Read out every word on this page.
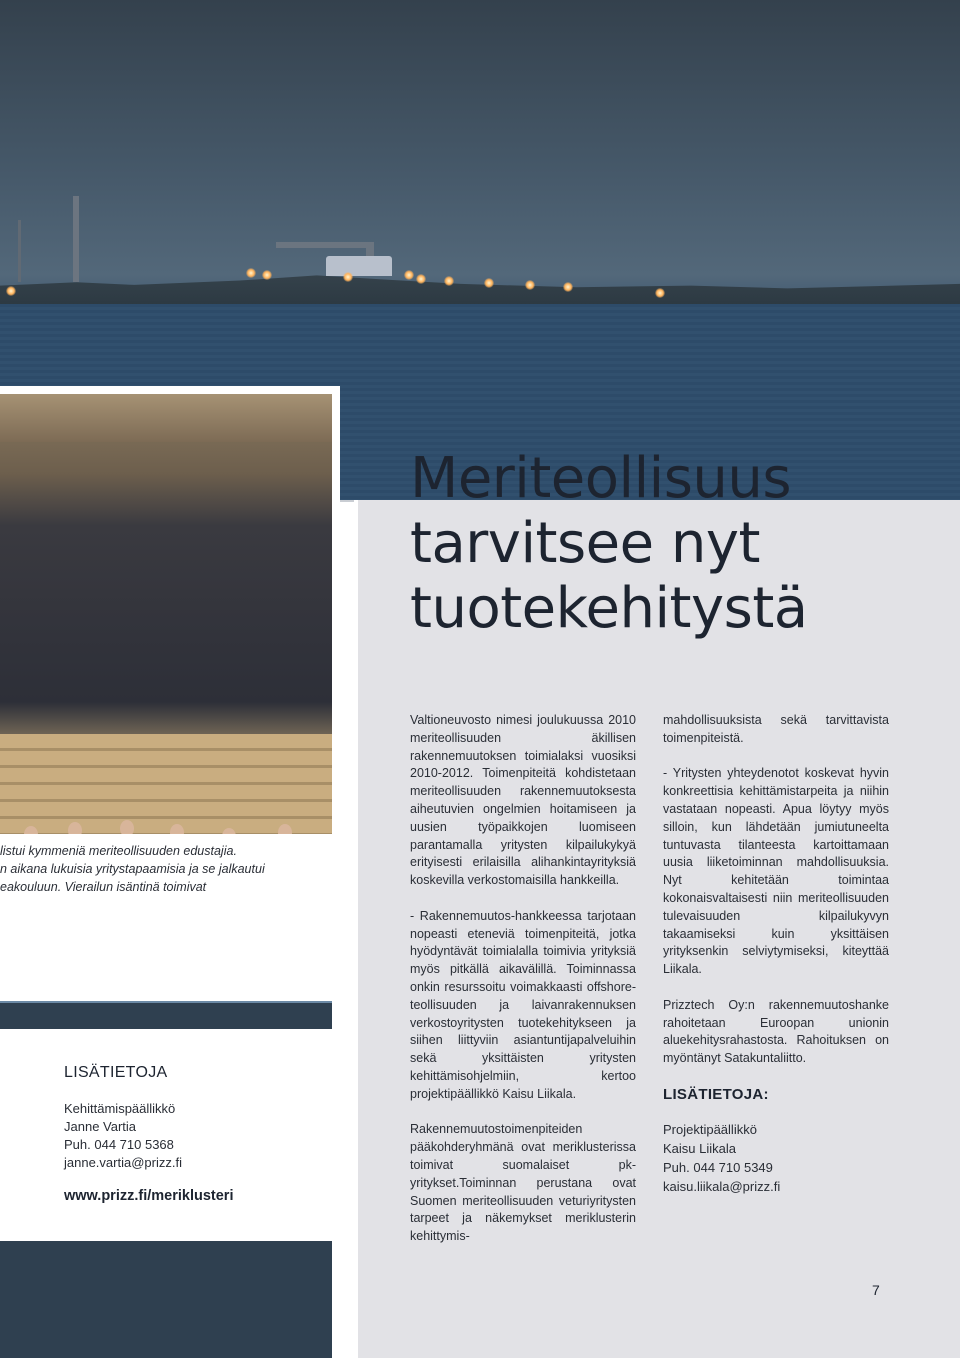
Meriteollisuus
tarvitsee nyt
tuotekehitystä
listui kymmeniä meriteollisuuden edustajia.
n aikana lukuisia yritystapaamisia ja se jalkautui
eakouluun. Vierailun isäntinä toimivat
LISÄTIETOJA
Kehittämispäällikkö
Janne Vartia
Puh. 044 710 5368
janne.vartia@prizz.fi
www.prizz.fi/meriklusteri

Valtioneuvosto nimesi joulukuussa 2010 meriteollisuuden äkillisen rakennemuutoksen toimialaksi vuosiksi 2010-2012. Toimenpiteitä kohdistetaan meriteollisuuden rakennemuutoksesta aiheutuvien ongelmien hoitamiseen ja uusien työpaikkojen luomiseen parantamalla yritysten kilpailukykyä erityisesti erilaisilla alihankintayrityksiä koskevilla verkostomaisilla hankkeilla.

- Rakennemuutos-hankkeessa tarjotaan nopeasti eteneviä toimenpiteitä, jotka hyödyntävät toimialalla toimivia yrityksiä myös pitkällä aikavälillä. Toiminnassa onkin resurssoitu voimakkaasti offshore-teollisuuden ja laivanrakennuksen verkostoyritysten tuotekehitykseen ja siihen liittyviin asiantuntijapalveluihin sekä yksittäisten yritysten kehittämisohjelmiin, kertoo projektipäällikkö Kaisu Liikala.

Rakennemuutostoimenpiteiden pääkohderyhmänä ovat meriklusterissa toimivat suomalaiset pk-yritykset.Toiminnan perustana ovat Suomen meriteollisuuden veturiyritysten tarpeet ja näkemykset meriklusterin kehittymis-

mahdollisuuksista sekä tarvittavista toimenpiteistä.

- Yritysten yhteydenotot koskevat hyvin konkreettisia kehittämistarpeita ja niihin vastataan nopeasti. Apua löytyy myös silloin, kun lähdetään jumiutuneelta tuntuvasta tilanteesta kartoittamaan uusia liiketoiminnan mahdollisuuksia. Nyt kehitetään toimintaa kokonaisvaltaisesti niin meriteollisuuden tulevaisuuden kilpailukyvyn takaamiseksi kuin yksittäisen yrityksenkin selviytymiseksi, kiteyttää Liikala.

Prizztech Oy:n rakennemuutoshanke rahoitetaan Euroopan unionin aluekehitysrahastosta. Rahoituksen on myöntänyt Satakuntaliitto.

LISÄTIETOJA:
Projektipäällikkö
Kaisu Liikala
Puh. 044 710 5349
kaisu.liikala@prizz.fi
7
